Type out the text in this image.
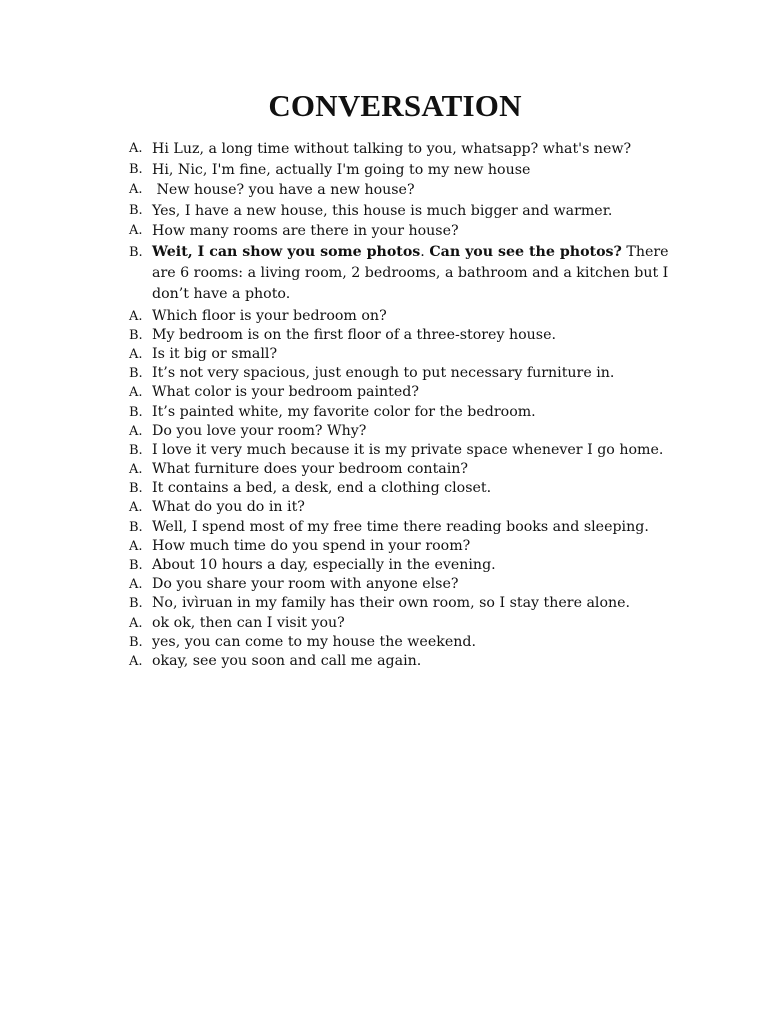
CONVERSATION
A. Hi Luz, a long time without talking to you, whatsapp? what's new?
B. Hi, Nic, I'm fine, actually I'm going to my new house
A. New house? you have a new house?
B. Yes, I have a new house, this house is much bigger and warmer.
A. How many rooms are there in your house?
B. Weit, I can show you some photos. Can you see the photos? There are 6 rooms: a living room, 2 bedrooms, a bathroom and a kitchen but I don’t have a photo.
A. Which floor is your bedroom on?
B. My bedroom is on the first floor of a three-storey house.
A. Is it big or small?
B. It’s not very spacious, just enough to put necessary furniture in.
A. What color is your bedroom painted?
B. It’s painted white, my favorite color for the bedroom.
A. Do you love your room? Why?
B. I love it very much because it is my private space whenever I go home.
A. What furniture does your bedroom contain?
B. It contains a bed, a desk, end a clothing closet.
A. What do you do in it?
B. Well, I spend most of my free time there reading books and sleeping.
A. How much time do you spend in your room?
B. About 10 hours a day, especially in the evening.
A. Do you share your room with anyone else?
B. No, ivìruan in my family has their own room, so I stay there alone.
A. ok ok, then can I visit you?
B. yes, you can come to my house the weekend.
A. okay, see you soon and call me again.
